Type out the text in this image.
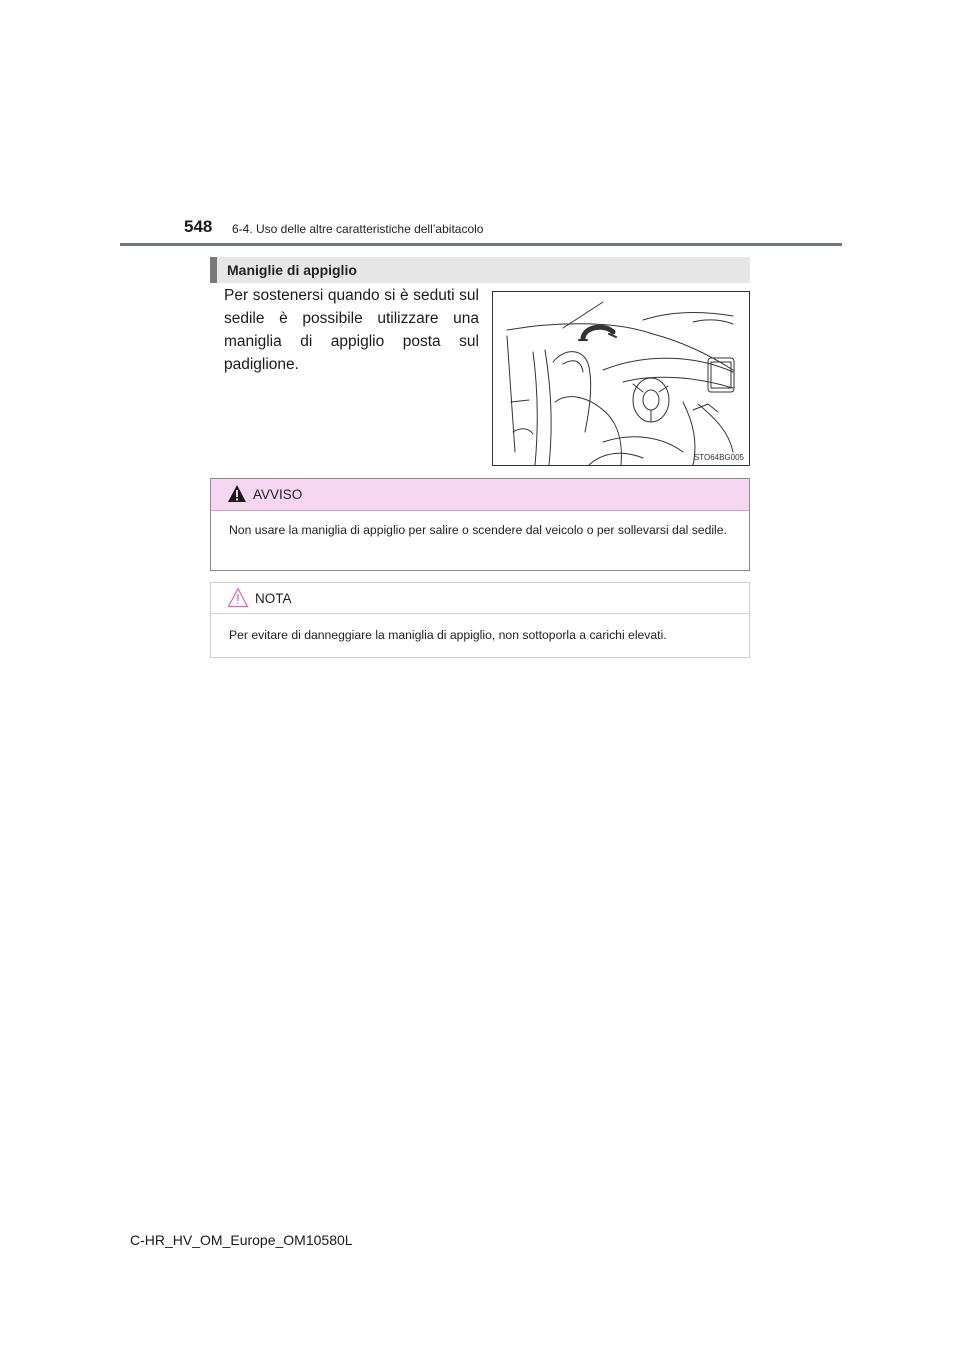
548 6-4. Uso delle altre caratteristiche dell’abitacolo
Maniglie di appiglio
Per sostenersi quando si è seduti sul sedile è possibile utilizzare una maniglia di appiglio posta sul padiglione.
STO64BG005
AVVISO
Non usare la maniglia di appiglio per salire o scendere dal veicolo o per sollevarsi dal sedile.
NOTA
Per evitare di danneggiare la maniglia di appiglio, non sottoporla a carichi elevati.
C-HR_HV_OM_Europe_OM10580L
